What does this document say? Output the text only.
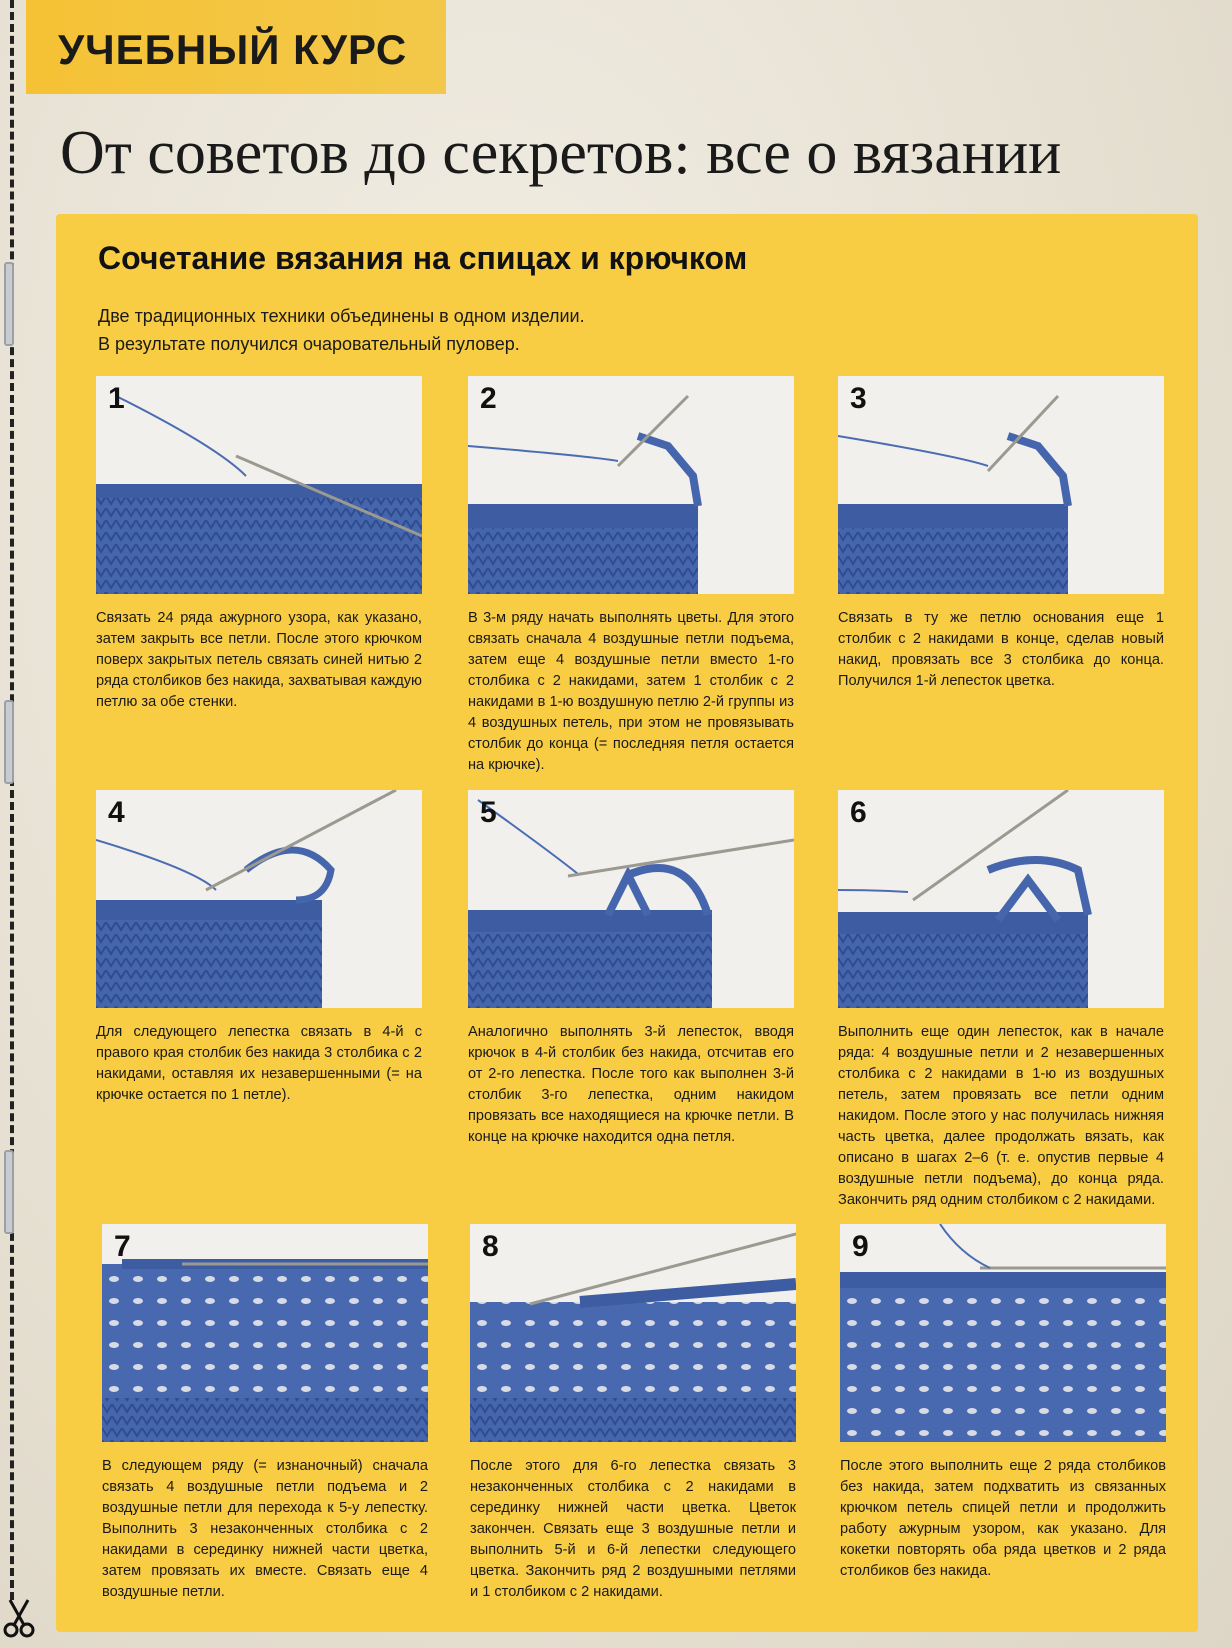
УЧЕБНЫЙ КУРС
От советов до секретов: все о вязании
Сочетание вязания на спицах и крючком
Две традиционных техники объединены в одном изделии.
В результате получился очаровательный пуловер.
1
Связать 24 ряда ажурного узора, как указано, затем закрыть все петли. После этого крючком поверх закрытых петель связать синей нитью 2 ряда столбиков без накида, захватывая каждую петлю за обе стенки.
2
В 3-м ряду начать выполнять цветы. Для этого связать сначала 4 воздушные петли подъема, затем еще 4 воздушные петли вместо 1-го столбика с 2 накидами, затем 1 столбик с 2 накидами в 1-ю воздушную петлю 2-й группы из 4 воздушных петель, при этом не провязывать столбик до конца (= последняя петля остается на крючке).
3
Связать в ту же петлю основания еще 1 столбик с 2 накидами в конце, сделав новый накид, провязать все 3 столбика до конца. Получился 1-й лепесток цветка.
4
Для следующего лепестка связать в 4-й с правого края столбик без накида 3 столбика с 2 накидами, оставляя их незавершенными (= на крючке остается по 1 петле).
5
Аналогично выполнять 3-й лепесток, вводя крючок в 4-й столбик без накида, отсчитав его от 2-го лепестка. После того как выполнен 3-й столбик 3-го лепестка, одним накидом провязать все находящиеся на крючке петли. В конце на крючке находится одна петля.
6
Выполнить еще один лепесток, как в начале ряда: 4 воздушные петли и 2 незавершенных столбика с 2 накидами в 1-ю из воздушных петель, затем провязать все петли одним накидом. После этого у нас получилась нижняя часть цветка, далее продолжать вязать, как описано в шагах 2–6 (т. е. опустив первые 4 воздушные петли подъема), до конца ряда. Закончить ряд одним столбиком с 2 накидами.
7
В следующем ряду (= изнаночный) сначала связать 4 воздушные петли подъема и 2 воздушные петли для перехода к 5-у лепестку. Выполнить 3 незаконченных столбика с 2 накидами в серединку нижней части цветка, затем провязать их вместе. Связать еще 4 воздушные петли.
8
После этого для 6-го лепестка связать 3 незаконченных столбика с 2 накидами в серединку нижней части цветка. Цветок закончен. Связать еще 3 воздушные петли и выполнить 5-й и 6-й лепестки следующего цветка. Закончить ряд 2 воздушными петлями и 1 столбиком с 2 накидами.
9
После этого выполнить еще 2 ряда столбиков без накида, затем подхватить из связанных крючком петель спицей петли и продолжить работу ажурным узором, как указано. Для кокетки повторять оба ряда цветков и 2 ряда столбиков без накида.
